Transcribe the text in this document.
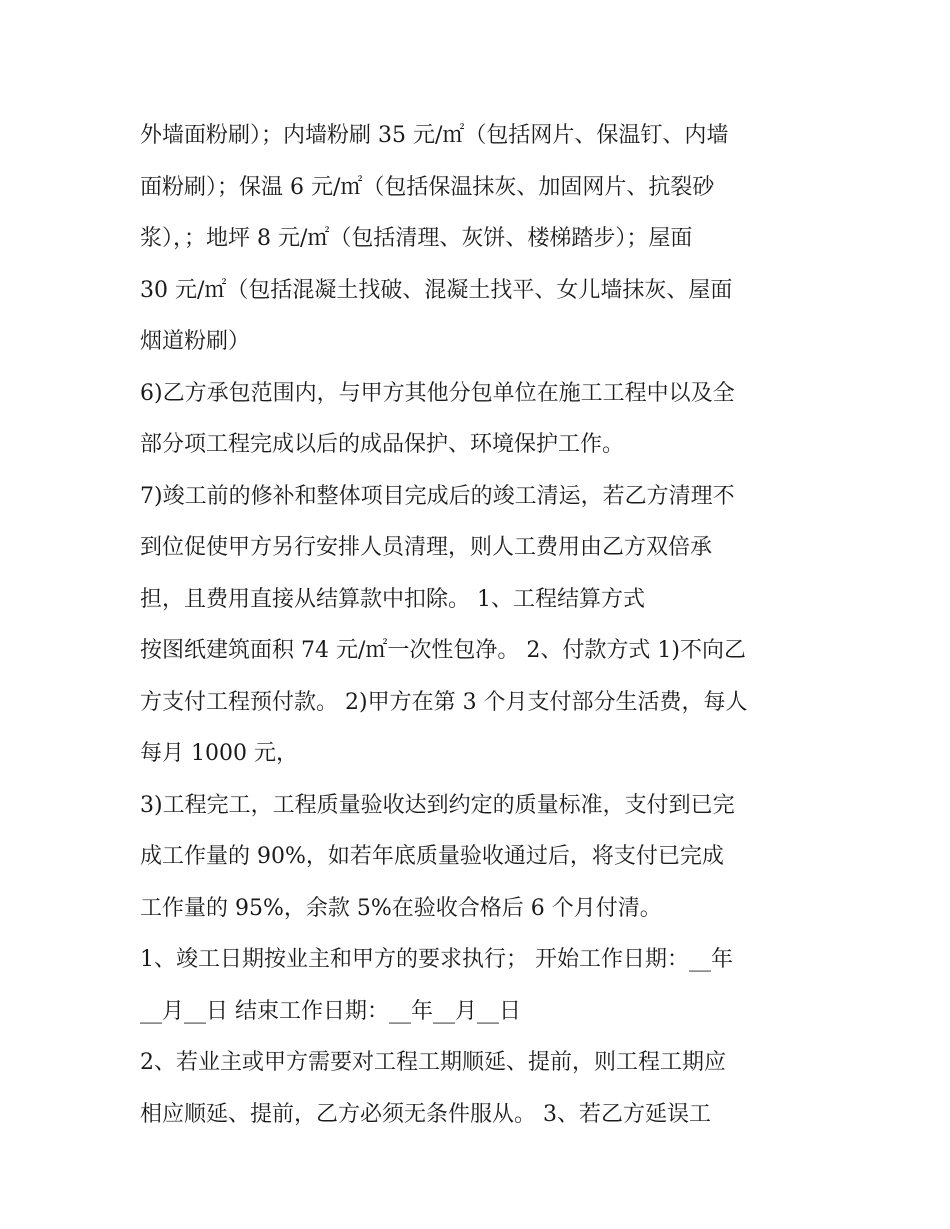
外墙面粉刷）；内墙粉刷 35 元/㎡（包括网片、保温钉、内墙
面粉刷）；保温 6 元/㎡（包括保温抹灰、加固网片、抗裂砂
浆），；地坪 8 元/㎡（包括清理、灰饼、楼梯踏步）；屋面
30 元/㎡（包括混凝土找破、混凝土找平、女儿墙抹灰、屋面
烟道粉刷）
6)乙方承包范围内，与甲方其他分包单位在施工工程中以及全
部分项工程完成以后的成品保护、环境保护工作。
7)竣工前的修补和整体项目完成后的竣工清运，若乙方清理不
到位促使甲方另行安排人员清理，则人工费用由乙方双倍承
担，且费用直接从结算款中扣除。 1、工程结算方式
按图纸建筑面积 74 元/㎡一次性包净。 2、付款方式 1)不向乙
方支付工程预付款。 2)甲方在第 3 个月支付部分生活费，每人
每月 1000 元，
3)工程完工，工程质量验收达到约定的质量标准，支付到已完
成工作量的 90%，如若年底质量验收通过后，将支付已完成
工作量的 95%，余款 5%在验收合格后 6 个月付清。
1、竣工日期按业主和甲方的要求执行； 开始工作日期：__年
__月__日 结束工作日期：__年__月__日
2、若业主或甲方需要对工程工期顺延、提前，则工程工期应
相应顺延、提前，乙方必须无条件服从。 3、若乙方延误工
